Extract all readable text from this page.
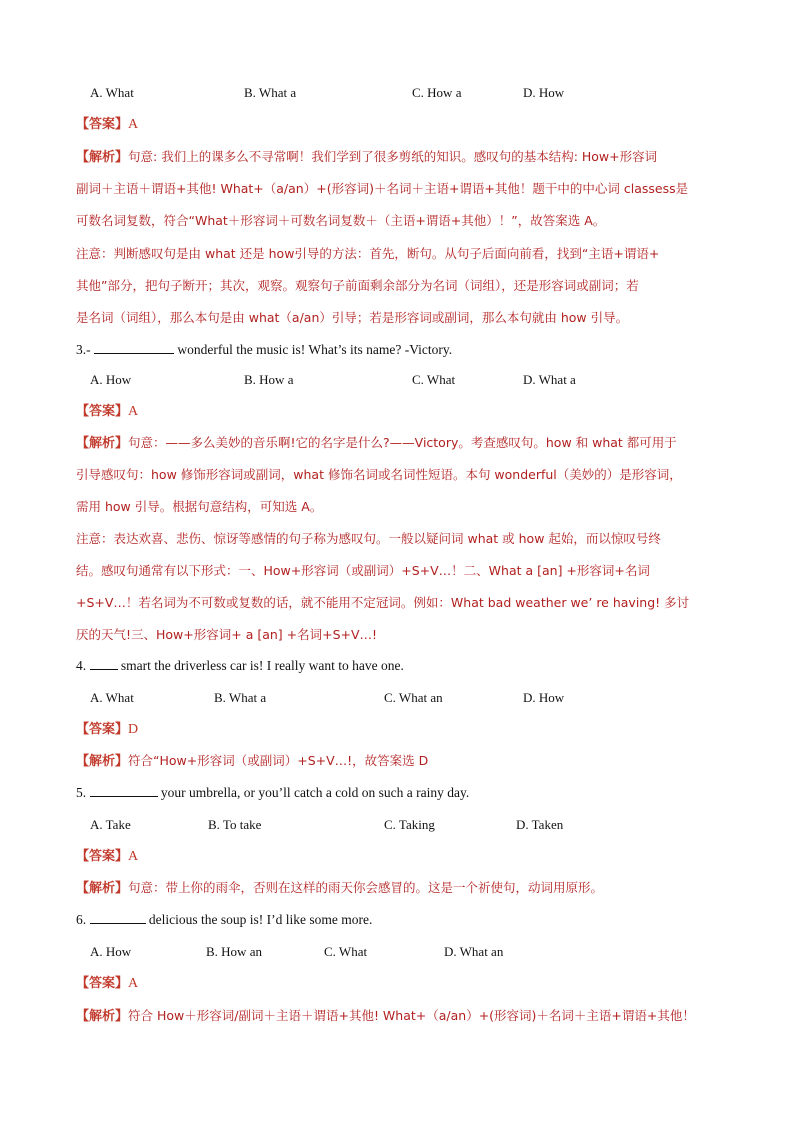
A. What	B. What a	C. How a	D. How
【答案】A
【解析】句意: 我们上的课多么不寻常啊！我们学到了很多剪纸的知识。感叹句的基本结构: How+形容词
副词＋主语＋谓语+其他! What+（a/an）+(形容词)＋名词＋主语+谓语+其他！题干中的中心词 classess是
可数名词复数，符合“What＋形容词＋可数名词复数＋（主语+谓语+其他）！”，故答案选 A。
注意：判断感叹句是由 what 还是 how引导的方法：首先，断句。从句子后面向前看，找到“主语+谓语+
其他”部分，把句子断开；其次，观察。观察句子前面剩余部分为名词（词组），还是形容词或副词；若
是名词（词组），那么本句是由 what（a/an）引导；若是形容词或副词，那么本句就由 how 引导。
3.-	wonderful the music is! What’s its name? -Victory.
A. How	B. How a	C. What	D. What a
【答案】A
【解析】句意：——多么美妙的音乐啊!它的名字是什么?——Victory。考查感叹句。how 和 what 都可用于
引导感叹句：how 修饰形容词或副词，what 修饰名词或名词性短语。本句 wonderful（美妙的）是形容词，
需用 how 引导。根据句意结构，可知选 A。
注意：表达欢喜、悲伤、惊讶等感情的句子称为感叹句。一般以疑问词 what 或 how 起始，而以惊叹号终
结。感叹句通常有以下形式：一、How+形容词（或副词）+S+V…！二、What a [an] +形容词+名词
+S+V…！若名词为不可数或复数的话，就不能用不定冠词。例如：What bad weather we’ re having! 多讨
厌的天气!三、How+形容词+ a [an] +名词+S+V…!
4.  smart the driverless car is! I really want to have one.
A. What	B. What a	C. What an	D. How
【答案】D
【解析】符合“How+形容词（或副词）+S+V…!，故答案选 D
5.	your umbrella, or you’ll catch a cold on such a rainy day.
A. Take	B. To take	C. Taking	D. Taken
【答案】A
【解析】句意：带上你的雨伞，否则在这样的雨天你会感冒的。这是一个祈使句，动词用原形。
6.	delicious the soup is! I’d like some more.
A. How	B. How an	C. What	D. What an
【答案】A
【解析】符合 How＋形容词/副词＋主语＋谓语+其他! What+（a/an）+(形容词)＋名词＋主语+谓语+其他！
